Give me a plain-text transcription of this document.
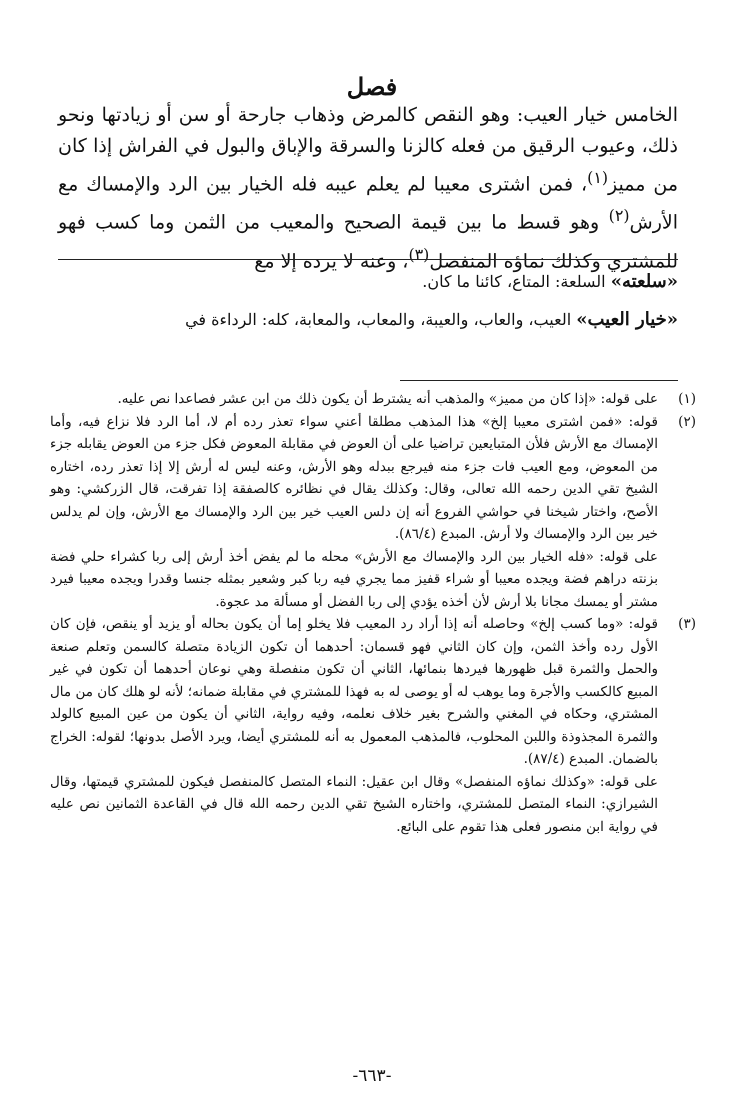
فصل

الخامس خيار العيب: وهو النقص كالمرض وذهاب جارحة أو سن أو زيادتها ونحو ذلك، وعيوب الرقيق من فعله كالزنا والسرقة والإباق والبول في الفراش إذا كان من مميز$^{(١)}$، فمن اشترى معيبا لم يعلم عيبه فله الخيار بين الرد والإمساك مع الأرش$^{(٢)}$ وهو قسط ما بين قيمة الصحيح والمعيب من الثمن وما كسب فهو للمشتري وكذلك نماؤه المنفصل$^{(٣)}$، وعنه لا يرده إلا مع

«سلعته» السلعة: المتاع، كائنا ما كان.

«خيار العيب» العيب، والعاب، والعيبة، والمعاب، والمعابة، كله: الرداءة في

(١)
على قوله: «إذا كان من مميز» والمذهب أنه يشترط أن يكون ذلك من ابن عشر فصاعدا نص عليه.
(٢)
قوله: «فمن اشترى معيبا إلخ» هذا المذهب مطلقا أعني سواء تعذر رده أم لا، أما الرد فلا نزاع فيه، وأما الإمساك مع الأرش فلأن المتبايعين تراضيا على أن العوض في مقابلة المعوض فكل جزء من العوض يقابله جزء من المعوض، ومع العيب فات جزء منه فيرجع ببدله وهو الأرش، وعنه ليس له أرش إلا إذا تعذر رده، اختاره الشيخ تقي الدين رحمه الله تعالى، وقال: وكذلك يقال في نظائره كالصفقة إذا تفرقت، قال الزركشي: وهو الأصح، واختار شيخنا في حواشي الفروع أنه إن دلس العيب خير بين الرد والإمساك مع الأرش، وإن لم يدلس خير بين الرد والإمساك ولا أرش. المبدع (٨٦/٤).
على قوله: «فله الخيار بين الرد والإمساك مع الأرش» محله ما لم يفض أخذ أرش إلى ربا كشراء حلي فضة بزنته دراهم فضة ويجده معيبا أو شراء قفيز مما يجري فيه ربا كبر وشعير بمثله جنسا وقدرا ويجده معيبا فيرد مشتر أو يمسك مجانا بلا أرش لأن أخذه يؤدي إلى ربا الفضل أو مسألة مد عجوة.
(٣)
قوله: «وما كسب إلخ» وحاصله أنه إذا أراد رد المعيب فلا يخلو إما أن يكون بحاله أو يزيد أو ينقص، فإن كان الأول رده وأخذ الثمن، وإن كان الثاني فهو قسمان: أحدهما أن تكون الزيادة متصلة كالسمن وتعلم صنعة والحمل والثمرة قبل ظهورها فيردها بنمائها، الثاني أن تكون منفصلة وهي نوعان أحدهما أن تكون في غير المبيع كالكسب والأجرة وما يوهب له أو يوصى له به فهذا للمشتري في مقابلة ضمانه؛ لأنه لو هلك كان من مال المشتري، وحكاه في المغني والشرح بغير خلاف نعلمه، وفيه رواية، الثاني أن يكون من عين المبيع كالولد والثمرة المجذوذة واللبن المحلوب، فالمذهب المعمول به أنه للمشتري أيضا، ويرد الأصل بدونها؛ لقوله: الخراج بالضمان. المبدع (٨٧/٤).
على قوله: «وكذلك نماؤه المنفصل» وقال ابن عقيل: النماء المتصل كالمنفصل فيكون للمشتري قيمتها، وقال الشيرازي: النماء المتصل للمشتري، واختاره الشيخ تقي الدين رحمه الله قال في القاعدة الثمانين نص عليه في رواية ابن منصور فعلى هذا تقوم على البائع.
-٦٦٣-
